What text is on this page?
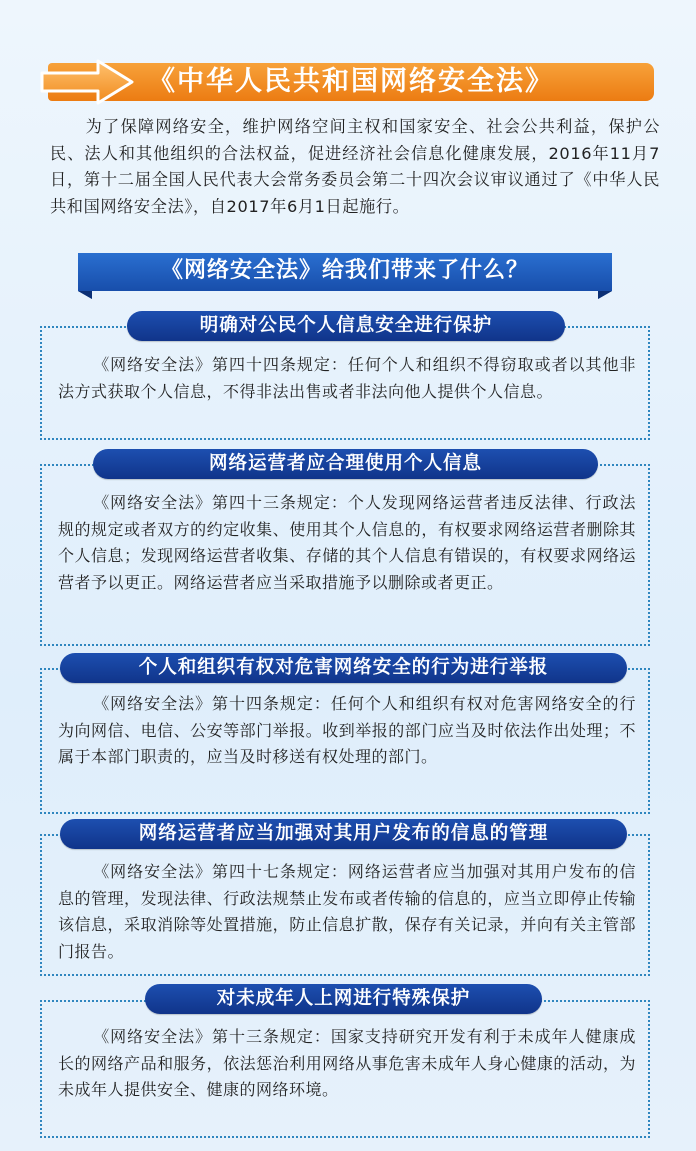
《中华人民共和国网络安全法》

为了保障网络安全，维护网络空间主权和国家安全、社会公共利益，保护公民、法人和其他组织的合法权益，促进经济社会信息化健康发展，2016年11月7日，第十二届全国人民代表大会常务委员会第二十四次会议审议通过了《中华人民共和国网络安全法》，自2017年6月1日起施行。

《网络安全法》给我们带来了什么？
明确对公民个人信息安全进行保护

《网络安全法》第四十四条规定：任何个人和组织不得窃取或者以其他非法方式获取个人信息，不得非法出售或者非法向他人提供个人信息。

网络运营者应合理使用个人信息

《网络安全法》第四十三条规定：个人发现网络运营者违反法律、行政法规的规定或者双方的约定收集、使用其个人信息的，有权要求网络运营者删除其个人信息；发现网络运营者收集、存储的其个人信息有错误的，有权要求网络运营者予以更正。网络运营者应当采取措施予以删除或者更正。

个人和组织有权对危害网络安全的行为进行举报

《网络安全法》第十四条规定：任何个人和组织有权对危害网络安全的行为向网信、电信、公安等部门举报。收到举报的部门应当及时依法作出处理；不属于本部门职责的，应当及时移送有权处理的部门。

网络运营者应当加强对其用户发布的信息的管理

《网络安全法》第四十七条规定：网络运营者应当加强对其用户发布的信息的管理，发现法律、行政法规禁止发布或者传输的信息的，应当立即停止传输该信息，采取消除等处置措施，防止信息扩散，保存有关记录，并向有关主管部门报告。

对未成年人上网进行特殊保护

《网络安全法》第十三条规定：国家支持研究开发有利于未成年人健康成长的网络产品和服务，依法惩治利用网络从事危害未成年人身心健康的活动，为未成年人提供安全、健康的网络环境。
